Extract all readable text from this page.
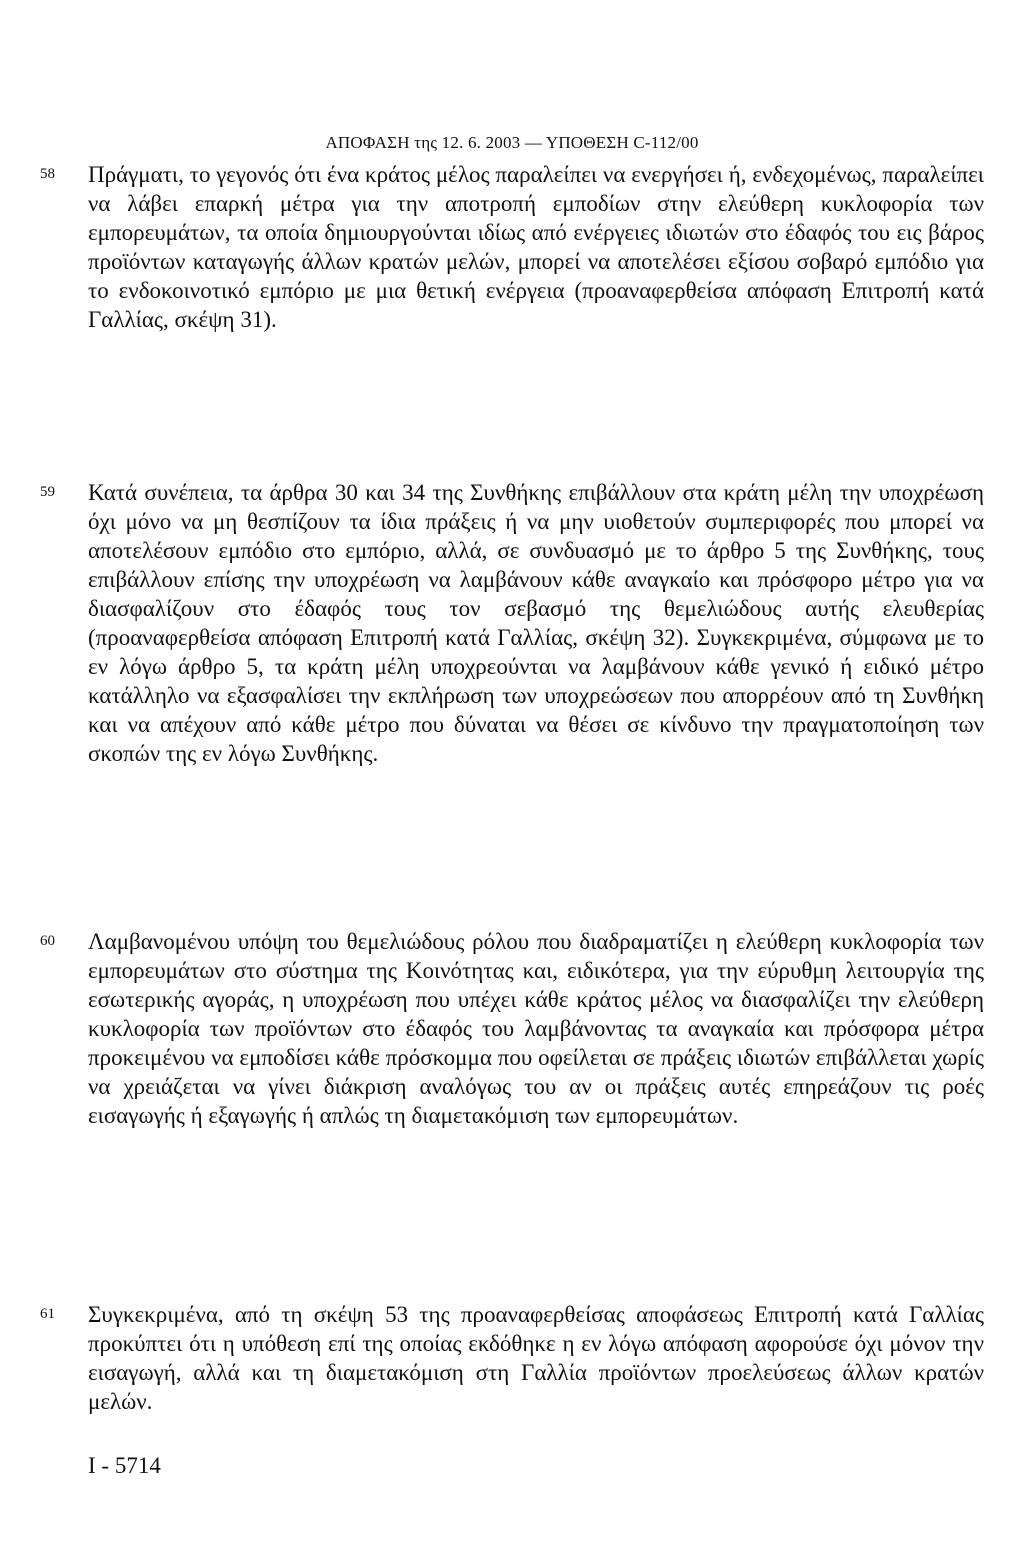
ΑΠΟΦΑΣΗ της 12. 6. 2003 — ΥΠΟΘΕΣΗ C-112/00
58 Πράγματι, το γεγονός ότι ένα κράτος μέλος παραλείπει να ενεργήσει ή, ενδεχομένως, παραλείπει να λάβει επαρκή μέτρα για την αποτροπή εμποδίων στην ελεύθερη κυκλοφορία των εμπορευμάτων, τα οποία δημιουργούνται ιδίως από ενέργειες ιδιωτών στο έδαφός του εις βάρος προϊόντων καταγωγής άλλων κρατών μελών, μπορεί να αποτελέσει εξίσου σοβαρό εμπόδιο για το ενδοκοινοτικό εμπόριο με μια θετική ενέργεια (προαναφερθείσα απόφαση Επιτροπή κατά Γαλλίας, σκέψη 31).

59 Κατά συνέπεια, τα άρθρα 30 και 34 της Συνθήκης επιβάλλουν στα κράτη μέλη την υποχρέωση όχι μόνο να μη θεσπίζουν τα ίδια πράξεις ή να μην υιοθετούν συμπεριφορές που μπορεί να αποτελέσουν εμπόδιο στο εμπόριο, αλλά, σε συνδυασμό με το άρθρο 5 της Συνθήκης, τους επιβάλλουν επίσης την υποχρέωση να λαμβάνουν κάθε αναγκαίο και πρόσφορο μέτρο για να διασφαλίζουν στο έδαφός τους τον σεβασμό της θεμελιώδους αυτής ελευθερίας (προαναφερθείσα απόφαση Επιτροπή κατά Γαλλίας, σκέψη 32). Συγκεκριμένα, σύμφωνα με το εν λόγω άρθρο 5, τα κράτη μέλη υποχρεούνται να λαμβάνουν κάθε γενικό ή ειδικό μέτρο κατάλληλο να εξασφαλίσει την εκπλήρωση των υποχρεώσεων που απορρέουν από τη Συνθήκη και να απέχουν από κάθε μέτρο που δύναται να θέσει σε κίνδυνο την πραγματοποίηση των σκοπών της εν λόγω Συνθήκης.

60 Λαμβανομένου υπόψη του θεμελιώδους ρόλου που διαδραματίζει η ελεύθερη κυκλοφορία των εμπορευμάτων στο σύστημα της Κοινότητας και, ειδικότερα, για την εύρυθμη λειτουργία της εσωτερικής αγοράς, η υποχρέωση που υπέχει κάθε κράτος μέλος να διασφαλίζει την ελεύθερη κυκλοφορία των προϊόντων στο έδαφός του λαμβάνοντας τα αναγκαία και πρόσφορα μέτρα προκειμένου να εμποδίσει κάθε πρόσκομμα που οφείλεται σε πράξεις ιδιωτών επιβάλλεται χωρίς να χρειάζεται να γίνει διάκριση αναλόγως του αν οι πράξεις αυτές επηρεάζουν τις ροές εισαγωγής ή εξαγωγής ή απλώς τη διαμετακόμιση των εμπορευμάτων.

61 Συγκεκριμένα, από τη σκέψη 53 της προαναφερθείσας αποφάσεως Επιτροπή κατά Γαλλίας προκύπτει ότι η υπόθεση επί της οποίας εκδόθηκε η εν λόγω απόφαση αφορούσε όχι μόνον την εισαγωγή, αλλά και τη διαμετακόμιση στη Γαλλία προϊόντων προελεύσεως άλλων κρατών μελών.

I - 5714
